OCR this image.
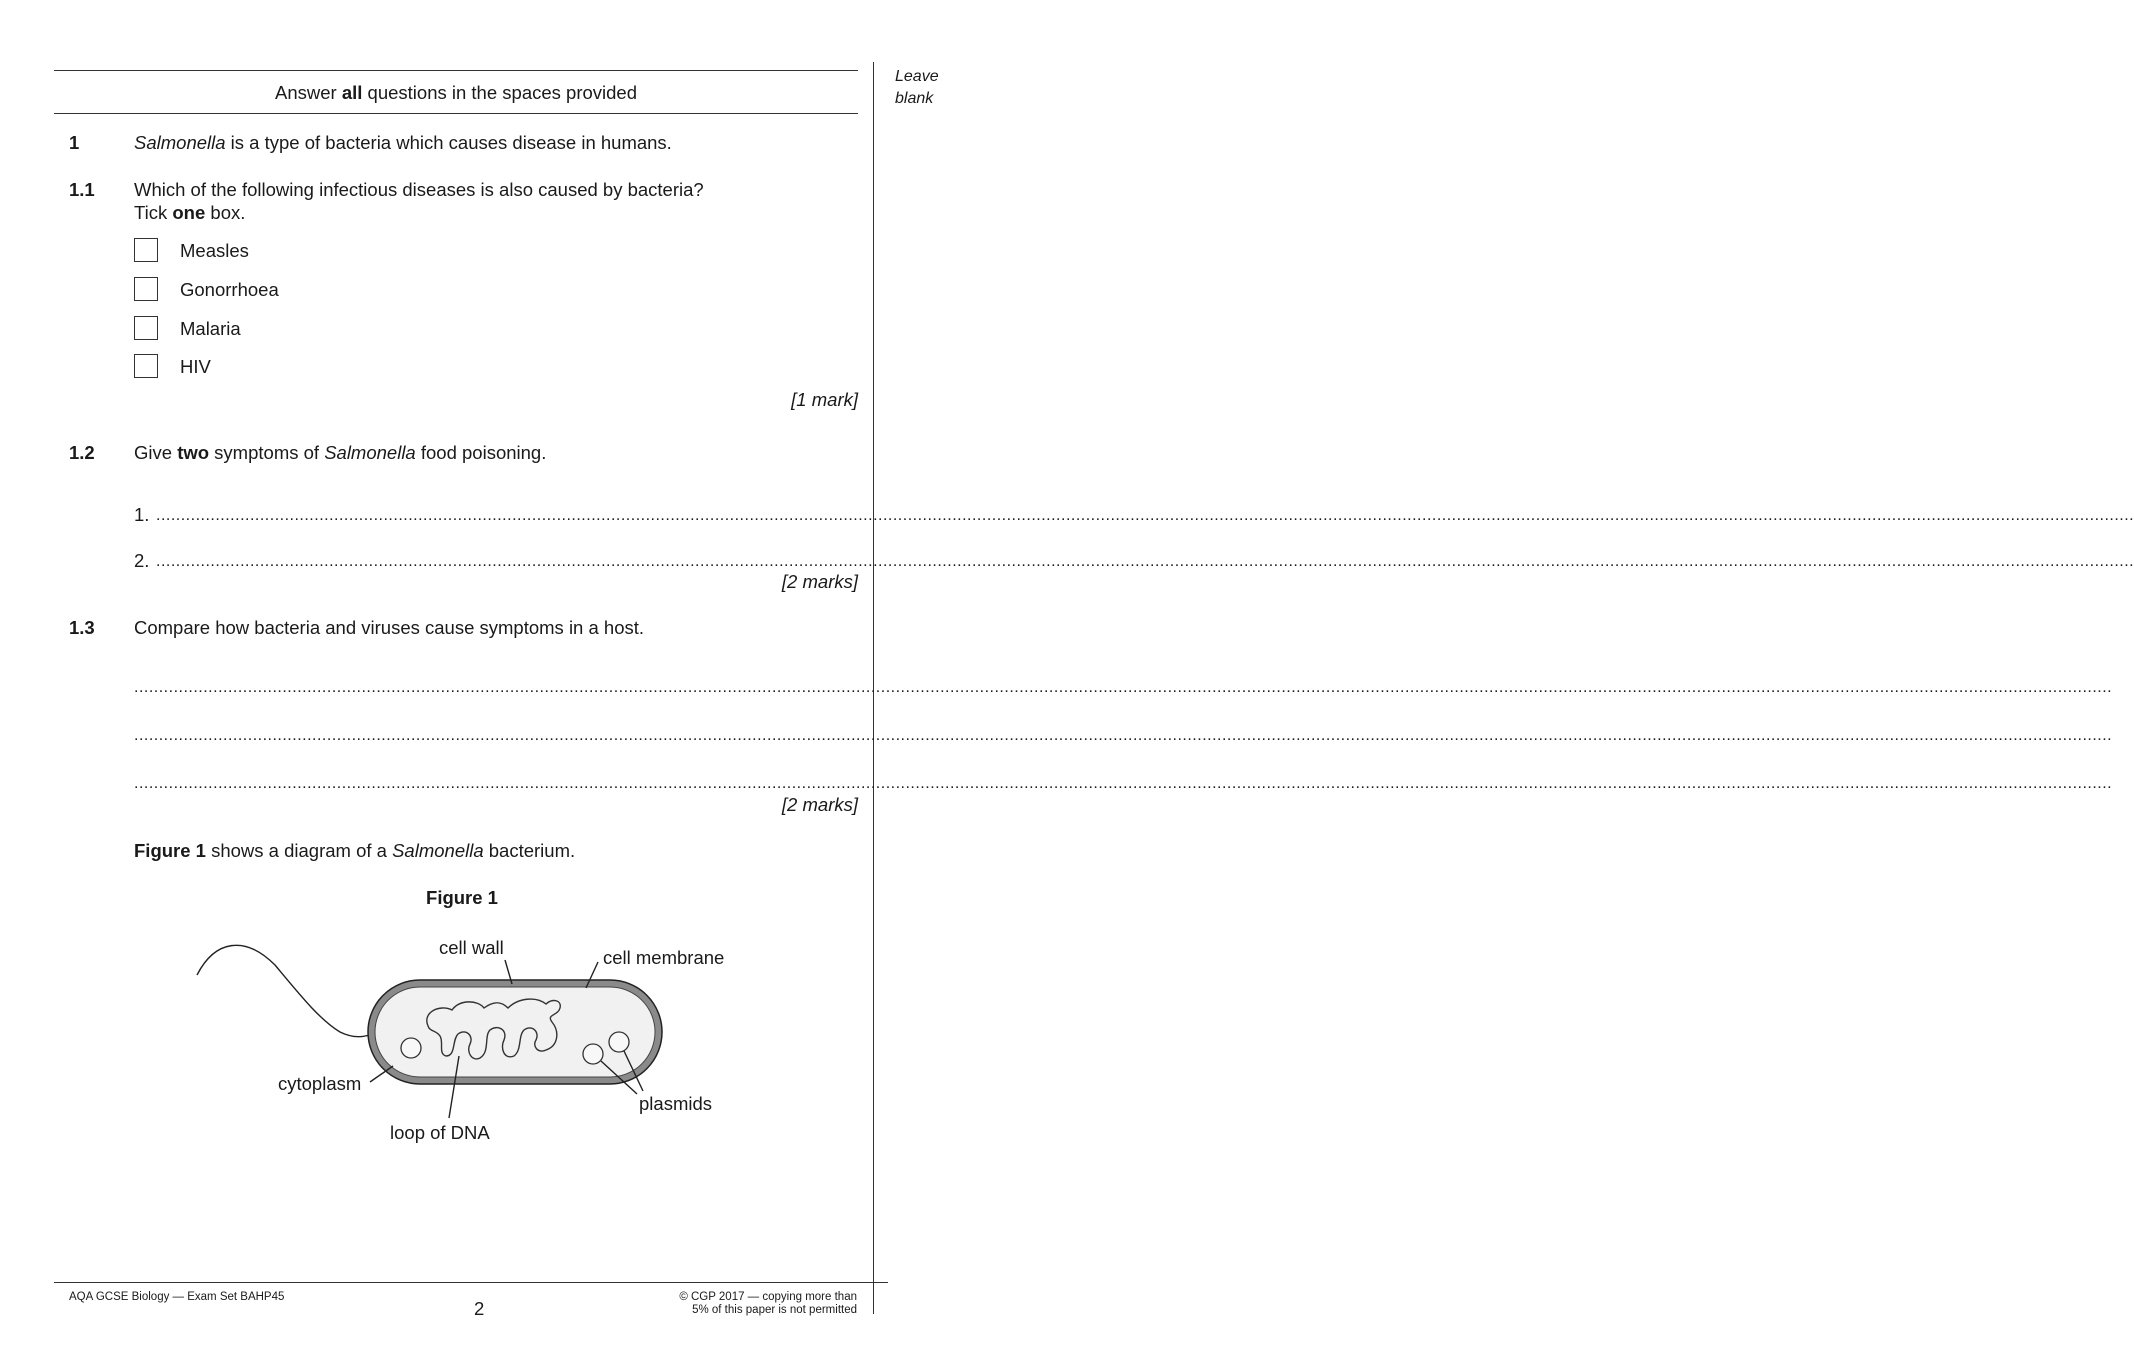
Leave
blank
Answer all questions in the spaces provided
1	Salmonella is a type of bacteria which causes disease in humans.
1.1 Which of the following infectious diseases is also caused by bacteria?
Tick one box.
Measles
Gonorrhoea
Malaria
HIV
[1 mark]
1.2 Give two symptoms of Salmonella food poisoning.
1. ................................................................................................................................................................................................................................................................................................................................................................................................................
2. ................................................................................................................................................................................................................................................................................................................................................................................................................
[2 marks]
1.3 Compare how bacteria and viruses cause symptoms in a host.
................................................................................................................................................................................................................................................................................................................................................................................................................
................................................................................................................................................................................................................................................................................................................................................................................................................
................................................................................................................................................................................................................................................................................................................................................................................................................
[2 marks]
Figure 1 shows a diagram of a Salmonella bacterium.
Figure 1
cell wall	cell membrane
cytoplasm
loop of DNA
plasmids
AQA GCSE Biology — Exam Set BAHP45
2
© CGP 2017 — copying more than
5% of this paper is not permitted
